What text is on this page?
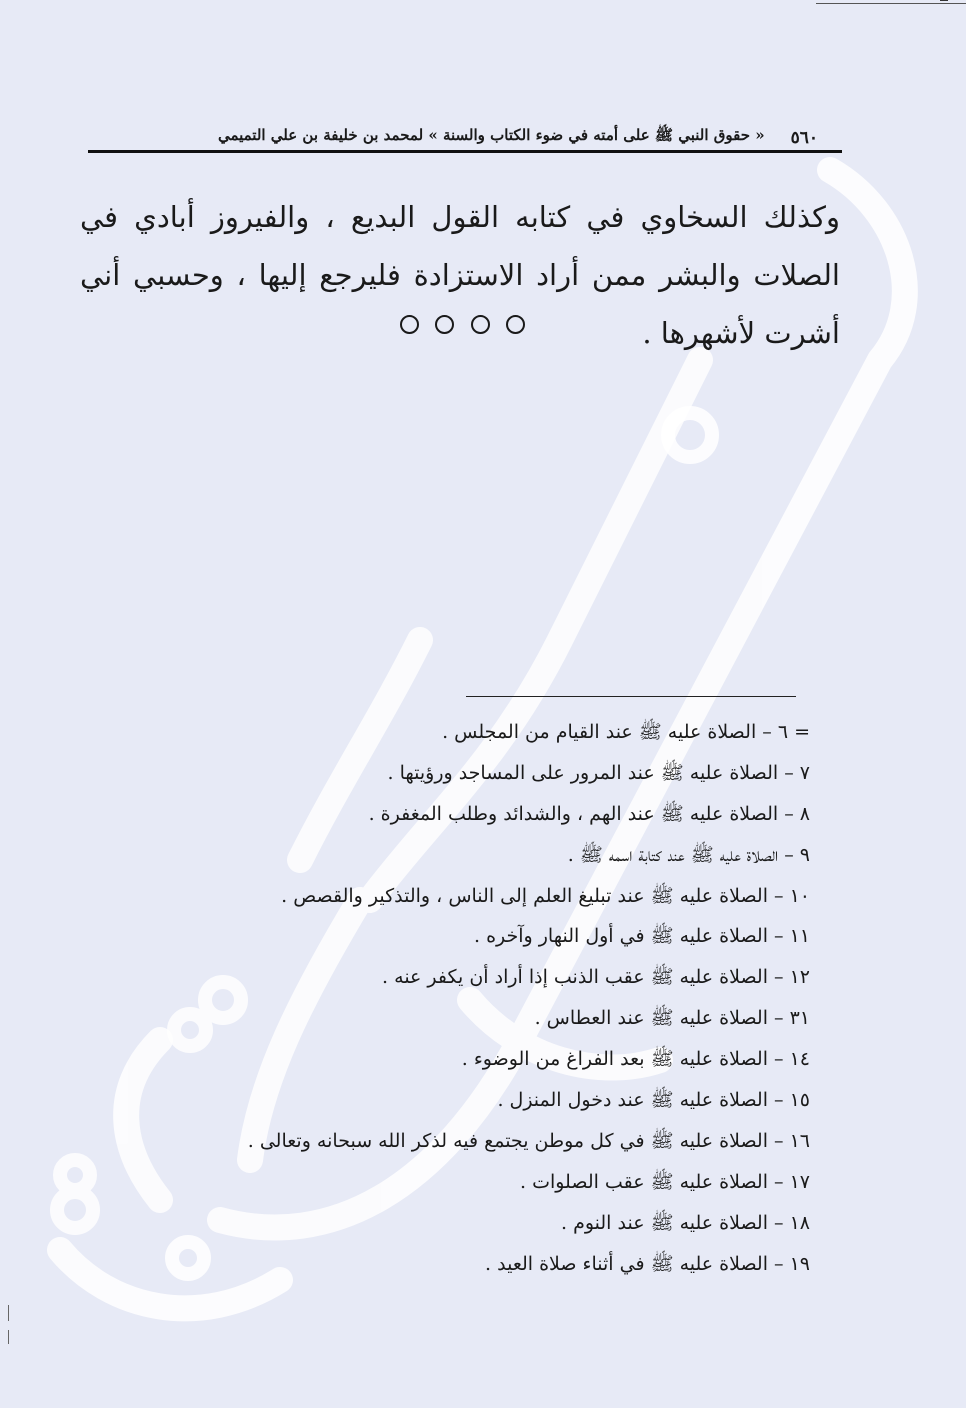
٥٦٠
« حقوق النبي ﷺ على أمته في ضوء الكتاب والسنة » لمحمد بن خليفة بن علي التميمي

وكذلك السخاوي في كتابه القول البديع ، والفيروز أبادي في الصلات والبشر ممن أراد الاستزادة فليرجع إليها ، وحسبي أني أشرت لأشهرها .

= ٦ – الصلاة عليه ﷺ عند القيام من المجلس .
٧ – الصلاة عليه ﷺ عند المرور على المساجد ورؤيتها .
٨ – الصلاة عليه ﷺ عند الهم ، والشدائد وطلب المغفرة .
٩ – الصلاة عليه ﷺ عند كتابة اسمه ﷺ .
١٠ – الصلاة عليه ﷺ عند تبليغ العلم إلى الناس ، والتذكير والقصص .
١١ – الصلاة عليه ﷺ في أول النهار وآخره .
١٢ – الصلاة عليه ﷺ عقب الذنب إذا أراد أن يكفر عنه .
٣١ – الصلاة عليه ﷺ عند العطاس .
١٤ – الصلاة عليه ﷺ بعد الفراغ من الوضوء .
١٥ – الصلاة عليه ﷺ عند دخول المنزل .
١٦ – الصلاة عليه ﷺ في كل موطن يجتمع فيه لذكر الله سبحانه وتعالى .
١٧ – الصلاة عليه ﷺ عقب الصلوات .
١٨ – الصلاة عليه ﷺ عند النوم .
١٩ – الصلاة عليه ﷺ في أثناء صلاة العيد .
